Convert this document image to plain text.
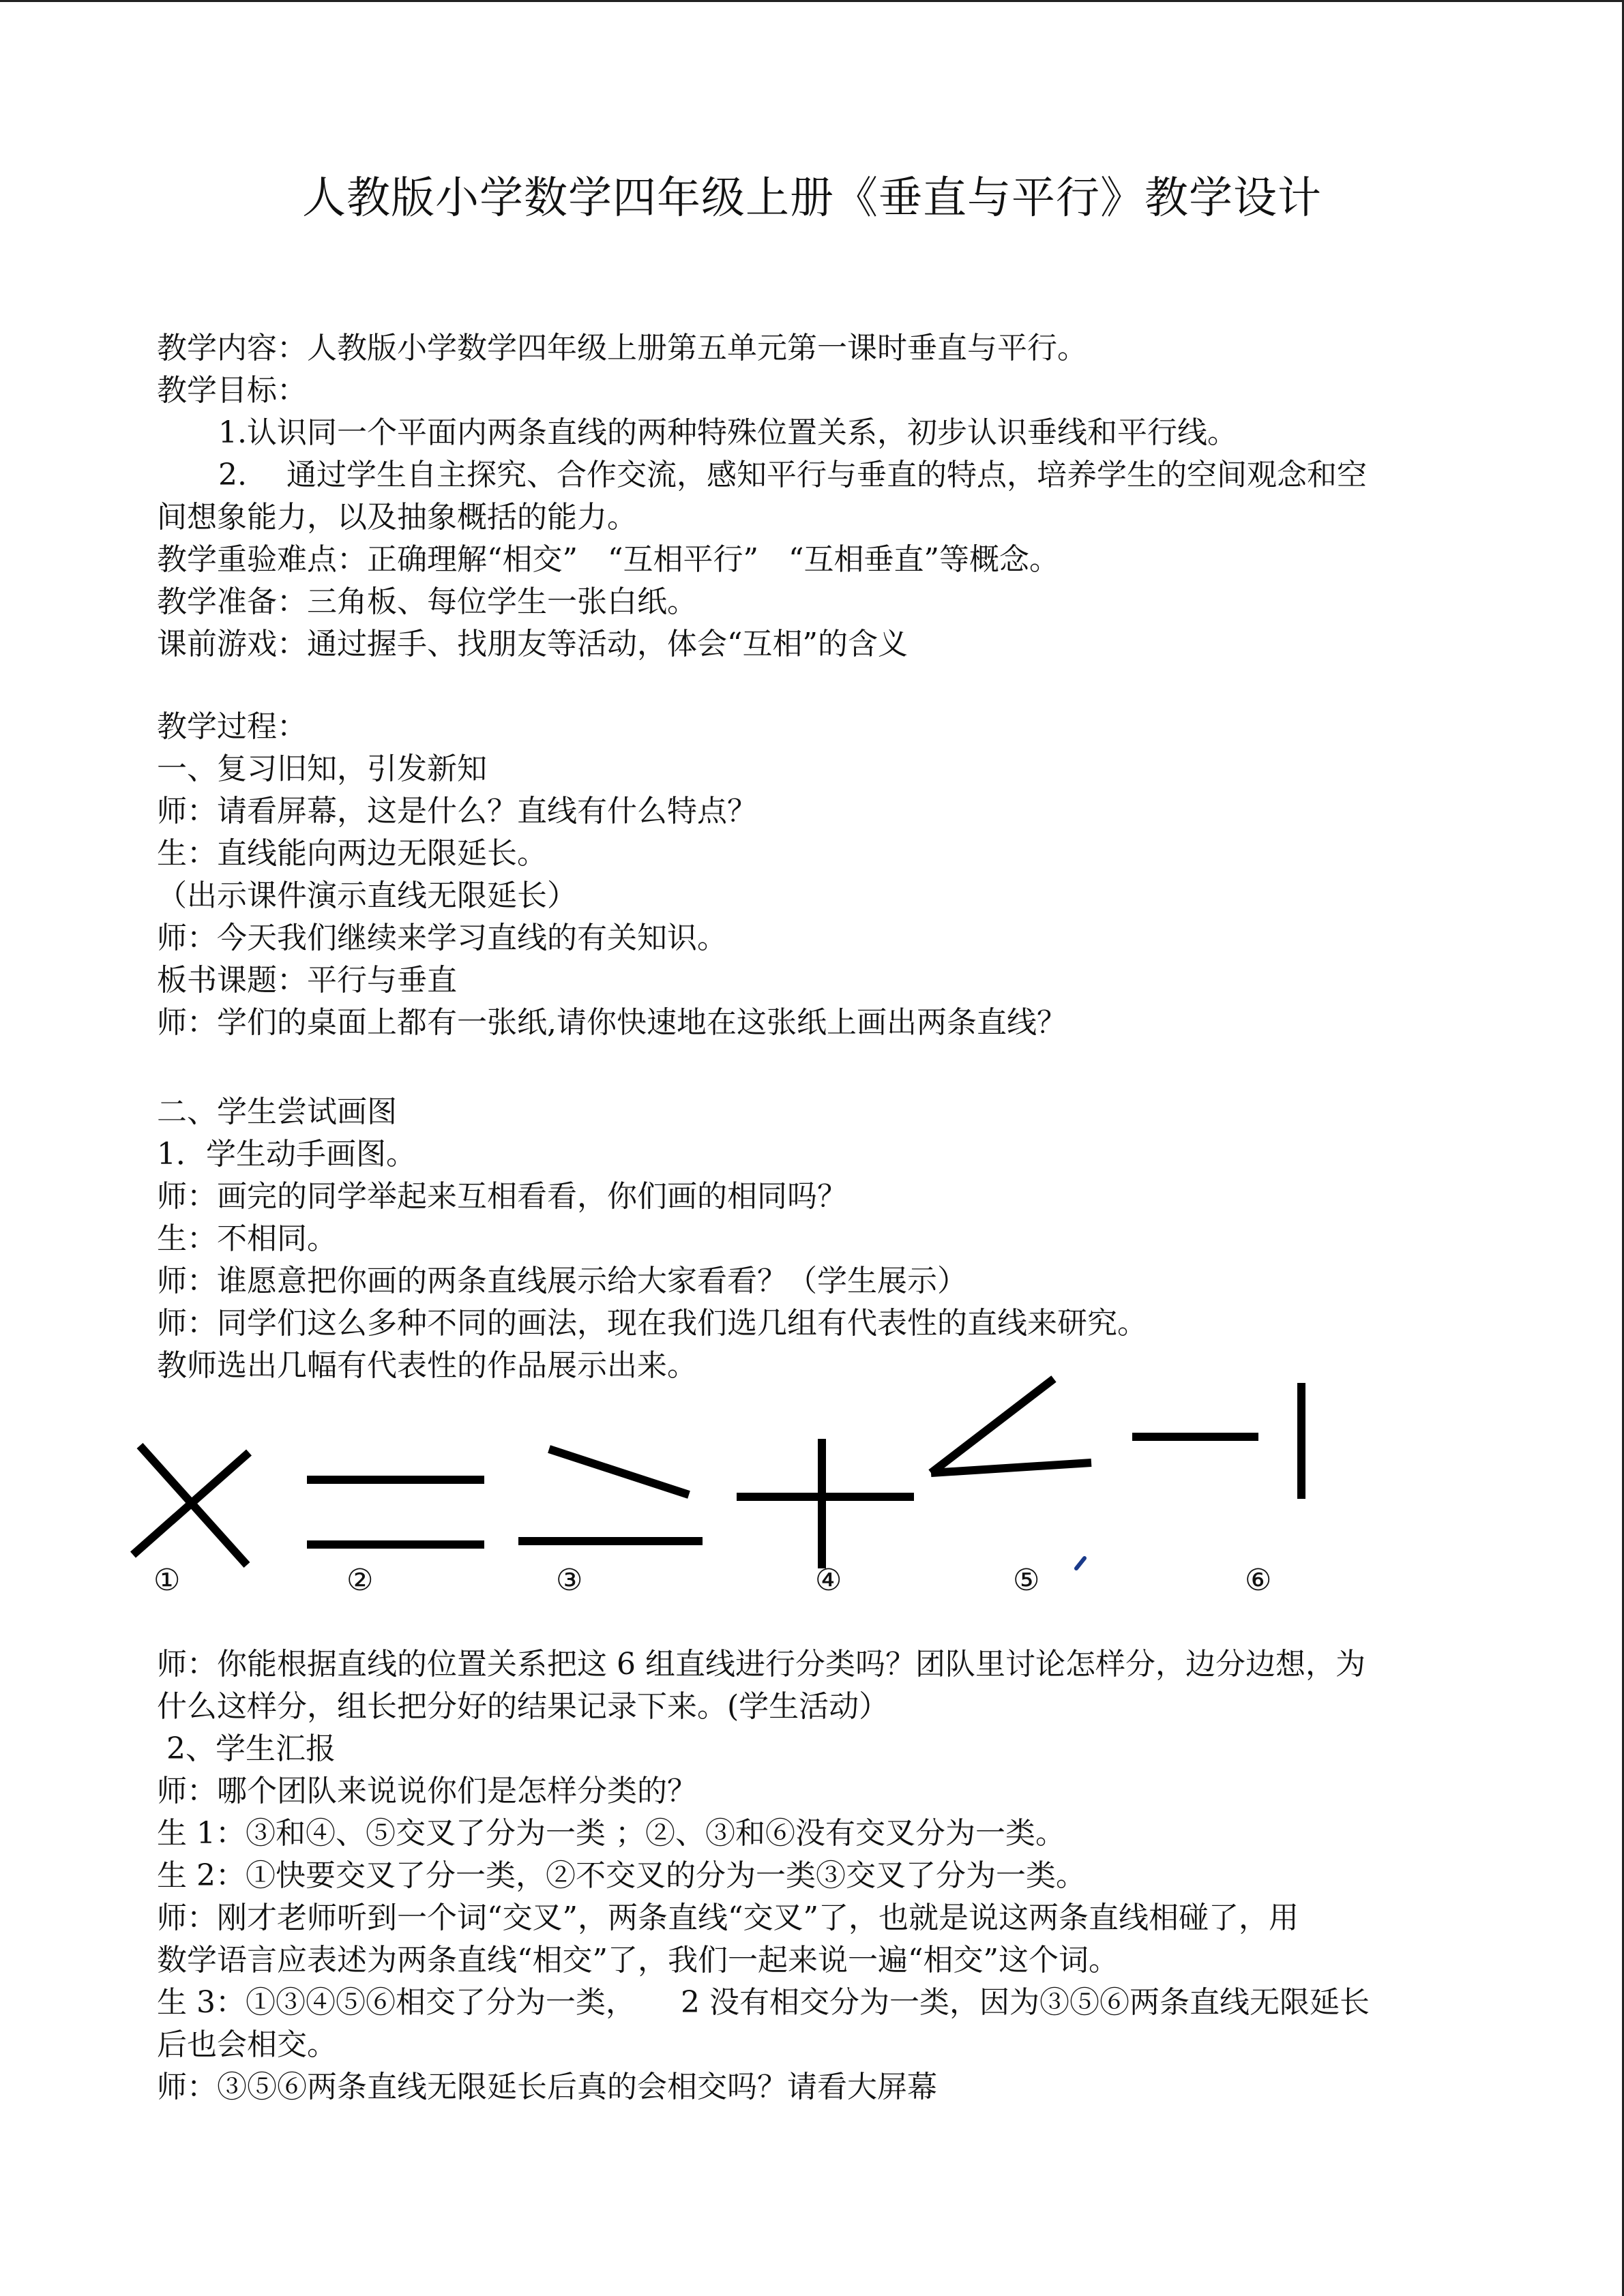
人教版小学数学四年级上册《垂直与平行》教学设计
教学内容：人教版小学数学四年级上册第五单元第一课时垂直与平行。
教学目标：
1.认识同一个平面内两条直线的两种特殊位置关系，初步认识垂线和平行线。
2.　 通过学生自主探究、合作交流，感知平行与垂直的特点，培养学生的空间观念和空
间想象能力，以及抽象概括的能力。
教学重验难点：正确理解“相交”　“互相平行”　“互相垂直”等概念。
教学准备：三角板、每位学生一张白纸。
课前游戏：通过握手、找朋友等活动，体会“互相”的含义
教学过程：
一、复习旧知，引发新知
师：请看屏幕，这是什么？直线有什么特点？
生：直线能向两边无限延长。
（出示课件演示直线无限延长）
师：今天我们继续来学习直线的有关知识。
板书课题：平行与垂直
师：学们的桌面上都有一张纸,请你快速地在这张纸上画出两条直线？
二、学生尝试画图
1．学生动手画图。
师：画完的同学举起来互相看看，你们画的相同吗？
生：不相同。
师：谁愿意把你画的两条直线展示给大家看看？（学生展示）
师：同学们这么多种不同的画法，现在我们选几组有代表性的直线来研究。
教师选出几幅有代表性的作品展示出来。
①	②	③	④	⑤	⑥
师：你能根据直线的位置关系把这 6 组直线进行分类吗？团队里讨论怎样分，边分边想，为
什么这样分，组长把分好的结果记录下来。(学生活动）
2、学生汇报
师：哪个团队来说说你们是怎样分类的？
生 1：③和④、⑤交叉了分为一类 ；②、③和⑥没有交叉分为一类。
生 2：①快要交叉了分一类，②不交叉的分为一类③交叉了分为一类。
师：刚才老师听到一个词“交叉”，两条直线“交叉”了，也就是说这两条直线相碰了，用
数学语言应表述为两条直线“相交”了，我们一起来说一遍“相交”这个词。
生 3：①③④⑤⑥相交了分为一类，　　2 没有相交分为一类，因为③⑤⑥两条直线无限延长
后也会相交。
师：③⑤⑥两条直线无限延长后真的会相交吗？请看大屏幕
